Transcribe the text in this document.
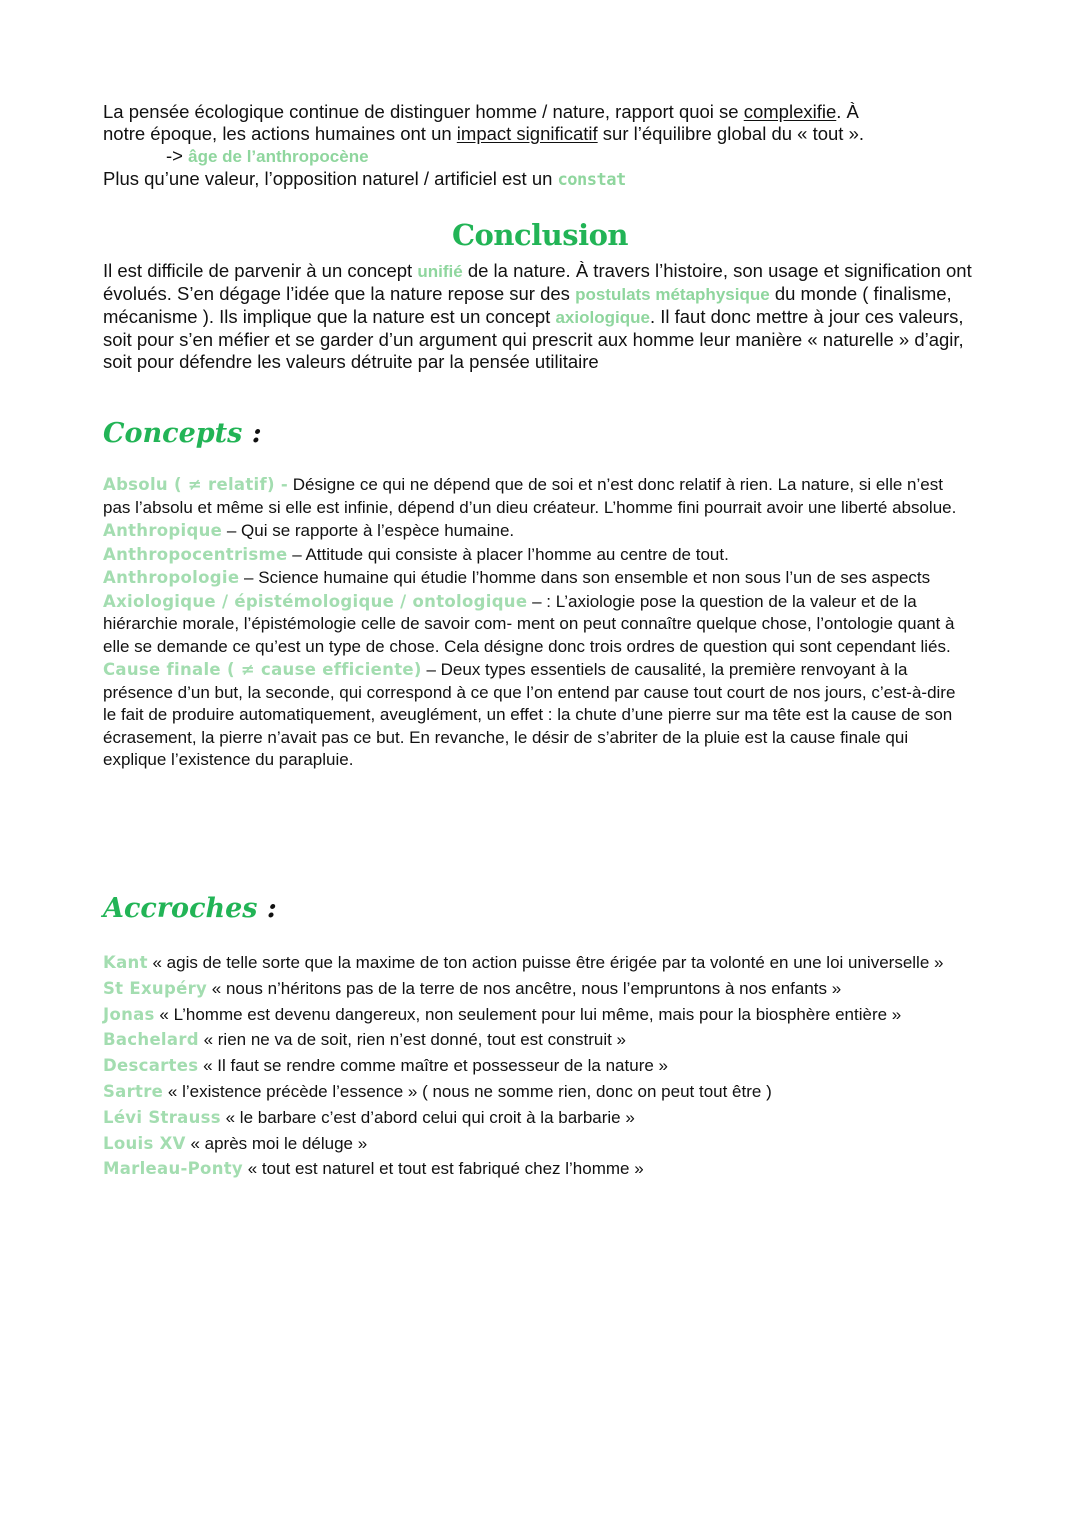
La pensée écologique continue de distinguer homme / nature, rapport quoi se complexifie. À

notre époque, les actions humaines ont un impact significatif sur l’équilibre global du « tout ».

-> âge de l’anthropocène

Plus qu’une valeur, l’opposition naturel / artificiel est un constat

Conclusion

Il est difficile de parvenir à un concept unifié de la nature. À travers l’histoire, son usage et signification ont évolués. S’en dégage l’idée que la nature repose sur des postulats métaphysique du monde ( finalisme, mécanisme ). Ils implique que la nature est un concept axiologique. Il faut donc mettre à jour ces valeurs, soit pour s’en méfier et se garder d’un argument qui prescrit aux homme leur manière « naturelle » d’agir, soit pour défendre les valeurs détruite par la pensée utilitaire

Concepts :

Absolu ( ≠ relatif) - Désigne ce qui ne dépend que de soi et n’est donc relatif à rien. La nature, si elle n’est pas l’absolu et même si elle est infinie, dépend d’un dieu créateur. L’homme fini pourrait avoir une liberté absolue.

Anthropique – Qui se rapporte à l’espèce humaine.

Anthropocentrisme – Attitude qui consiste à placer l’homme au centre de tout.

Anthropologie – Science humaine qui étudie l’homme dans son ensemble et non sous l’un de ses aspects

Axiologique / épistémologique / ontologique – : L’axiologie pose la question de la valeur et de la hiérarchie morale, l’épistémologie celle de savoir com- ment on peut connaître quelque chose, l’ontologie quant à elle se demande ce qu’est un type de chose. Cela désigne donc trois ordres de question qui sont cependant liés.

Cause finale ( ≠ cause efficiente) – Deux types essentiels de causalité, la première renvoyant à la présence d’un but, la seconde, qui correspond à ce que l’on entend par cause tout court de nos jours, c’est-à-dire le fait de produire automatiquement, aveuglément, un effet : la chute d’une pierre sur ma tête est la cause de son écrasement, la pierre n’avait pas ce but. En revanche, le désir de s’abriter de la pluie est la cause finale qui explique l’existence du parapluie.

Accroches :

Kant « agis de telle sorte que la maxime de ton action puisse être érigée par ta volonté en une loi universelle »

St Exupéry « nous n’héritons pas de la terre de nos ancêtre, nous l’empruntons à nos enfants »

Jonas « L’homme est devenu dangereux, non seulement pour lui même, mais pour la biosphère entière »

Bachelard « rien ne va de soit, rien n’est donné, tout est construit »

Descartes « Il faut se rendre comme maître et possesseur de la nature »

Sartre « l’existence précède l’essence » ( nous ne somme rien, donc on peut tout être )

Lévi Strauss « le barbare c’est d’abord celui qui croit à la barbarie »

Louis XV « après moi le déluge »

Marleau-Ponty « tout est naturel et tout est fabriqué chez l’homme »
